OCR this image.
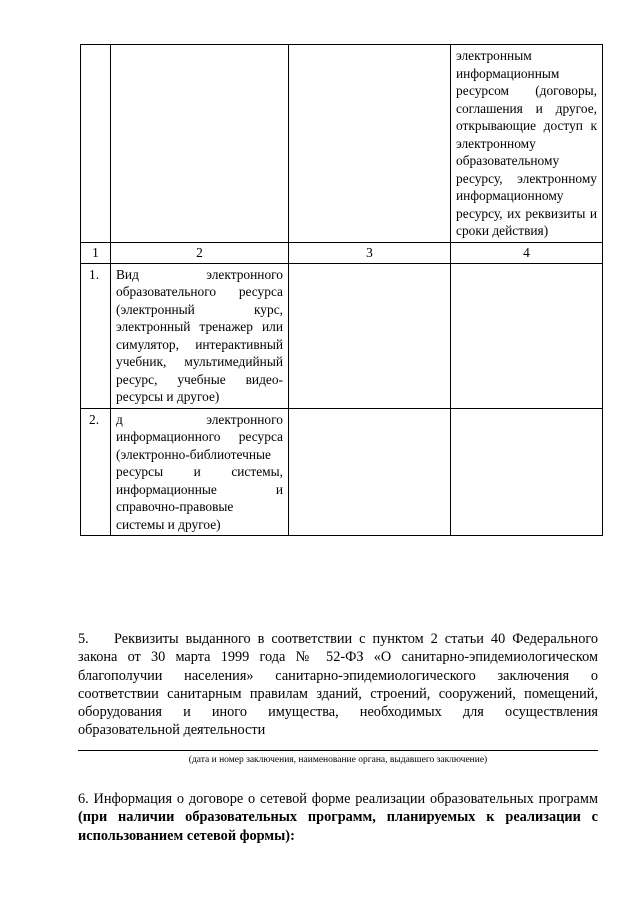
			электронным информационным ресурсом (договоры, соглашения и другое, открывающие доступ к электронному образовательному ресурсу, электронному информационному ресурсу, их реквизиты и сроки действия)
1	2	3	4
1.	Вид электронного образовательного ресурса (электронный курс, электронный тренажер или симулятор, интерактивный учебник, мультимедийный ресурс, учебные видео-ресурсы и другое)		
2.	д электронного информационного ресурса (электронно-библиотечные ресурсы и системы, информационные и справочно-правовые системы и другое)		
5. Реквизиты выданного в соответствии с пунктом 2 статьи 40 Федерального закона от 30 марта 1999 года № 52-ФЗ «О санитарно-эпидемиологическом благополучии населения» санитарно-эпидемиологического заключения о соответствии санитарным правилам зданий, строений, сооружений, помещений, оборудования и иного имущества, необходимых для осуществления образовательной деятельности
(дата и номер заключения, наименование органа, выдавшего заключение)
6. Информация о договоре о сетевой форме реализации образовательных программ (при наличии образовательных программ, планируемых к реализации с использованием сетевой формы):
